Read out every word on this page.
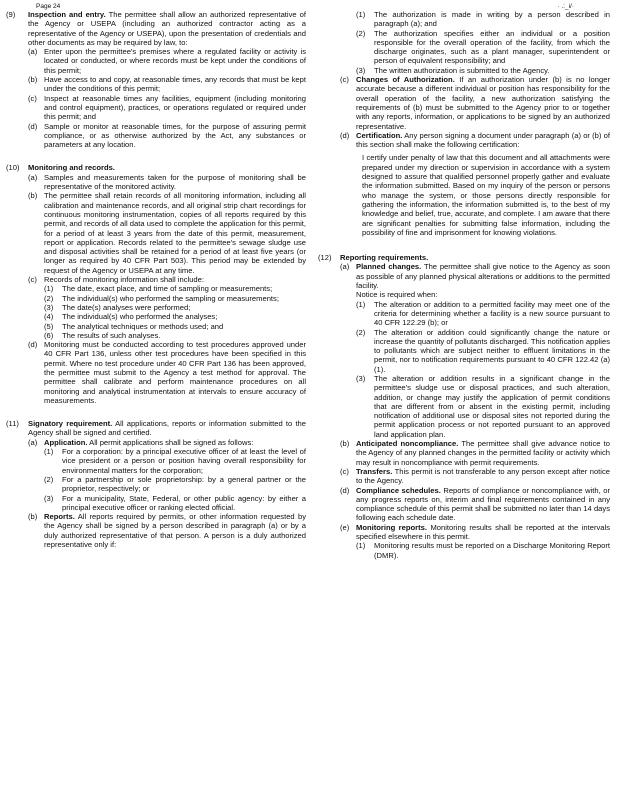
Page 24	· .:_i/·
(9) Inspection and entry. The permittee shall allow an authorized representative of the Agency or USEPA (including an authorized contractor acting as a representative of the Agency or USEPA), upon the presentation of credentials and other documents as may be required by law, to:

(a) Enter upon the permittee's premises where a regulated facility or activity is located or conducted, or where records must be kept under the conditions of this permit;

(b) Have access to and copy, at reasonable times, any records that must be kept under the conditions of this permit;

(c) Inspect at reasonable times any facilities, equipment (including monitoring and control equipment), practices, or operations regulated or required under this permit; and

(d) Sample or monitor at reasonable times, for the purpose of assuring permit compliance, or as otherwise authorized by the Act, any substances or parameters at any location.

(10) Monitoring and records.

(a) Samples and measurements taken for the purpose of monitoring shall be representative of the monitored activity.

(b) The permittee shall retain records of all monitoring information, including all calibration and maintenance records, and all original strip chart recordings for continuous monitoring instrumentation, copies of all reports required by this permit, and records of all data used to complete the application for this permit, for a period of at least 3 years from the date of this permit, measurement, report or application. Records related to the permittee's sewage sludge use and disposal activities shall be retained for a period of at least five years (or longer as required by 40 CFR Part 503). This period may be extended by request of the Agency or USEPA at any time.

(c) Records of monitoring information shall include:

(1) The date, exact place, and time of sampling or measurements;

(2) The individual(s) who performed the sampling or measurements;

(3) The date(s) analyses were performed;

(4) The individual(s) who performed the analyses;

(5) The analytical techniques or methods used; and

(6) The results of such analyses.

(d) Monitoring must be conducted according to test procedures approved under 40 CFR Part 136, unless other test procedures have been specified in this permit. Where no test procedure under 40 CFR Part 136 has been approved, the permittee must submit to the Agency a test method for approval. The permittee shall calibrate and perform maintenance procedures on all monitoring and analytical instrumentation at intervals to ensure accuracy of measurements.

(11) Signatory requirement. All applications, reports or information submitted to the Agency shall be signed and certified.

(a) Application. All permit applications shall be signed as follows:

(1) For a corporation: by a principal executive officer of at least the level of vice president or a person or position having overall responsibility for environmental matters for the corporation;

(2) For a partnership or sole proprietorship: by a general partner or the proprietor, respectively; or

(3) For a municipality, State, Federal, or other public agency: by either a principal executive officer or ranking elected official.

(b) Reports. All reports required by permits, or other information requested by the Agency shall be signed by a person described in paragraph (a) or by a duly authorized representative of that person. A person is a duly authorized representative only if:

(1) The authorization is made in writing by a person described in paragraph (a); and

(2) The authorization specifies either an individual or a position responsible for the overall operation of the facility, from which the discharge originates, such as a plant manager, superintendent or person of equivalent responsibility; and

(3) The written authorization is submitted to the Agency.

(c) Changes of Authorization. If an authorization under (b) is no longer accurate because a different individual or position has responsibility for the overall operation of the facility, a new authorization satisfying the requirements of (b) must be submitted to the Agency prior to or together with any reports, information, or applications to be signed by an authorized representative.

(d) Certification. Any person signing a document under paragraph (a) or (b) of this section shall make the following certification:

I certify under penalty of law that this document and all attachments were prepared under my direction or supervision in accordance with a system designed to assure that qualified personnel properly gather and evaluate the information submitted. Based on my inquiry of the person or persons who manage the system, or those persons directly responsible for gathering the information, the information submitted is, to the best of my knowledge and belief, true, accurate, and complete. I am aware that there are significant penalties for submitting false information, including the possibility of fine and imprisonment for knowing violations.

(12) Reporting requirements.

(a) Planned changes. The permittee shall give notice to the Agency as soon as possible of any planned physical alterations or additions to the permitted facility.

Notice is required when:

(1) The alteration or addition to a permitted facility may meet one of the criteria for determining whether a facility is a new source pursuant to 40 CFR 122.29 (b); or

(2) The alteration or addition could significantly change the nature or increase the quantity of pollutants discharged. This notification applies to pollutants which are subject neither to effluent limitations in the permit, nor to notification requirements pursuant to 40 CFR 122.42 (a)(1).

(3) The alteration or addition results in a significant change in the permittee's sludge use or disposal practices, and such alteration, addition, or change may justify the application of permit conditions that are different from or absent in the existing permit, including notification of additional use or disposal sites not reported during the permit application process or not reported pursuant to an approved land application plan.

(b) Anticipated noncompliance. The permittee shall give advance notice to the Agency of any planned changes in the permitted facility or activity which may result in noncompliance with permit requirements.

(c) Transfers. This permit is not transferable to any person except after notice to the Agency.

(d) Compliance schedules. Reports of compliance or noncompliance with, or any progress reports on, interim and final requirements contained in any compliance schedule of this permit shall be submitted no later than 14 days following each schedule date.

(e) Monitoring reports. Monitoring results shall be reported at the intervals specified elsewhere in this permit.

(1) Monitoring results must be reported on a Discharge Monitoring Report (DMR).
